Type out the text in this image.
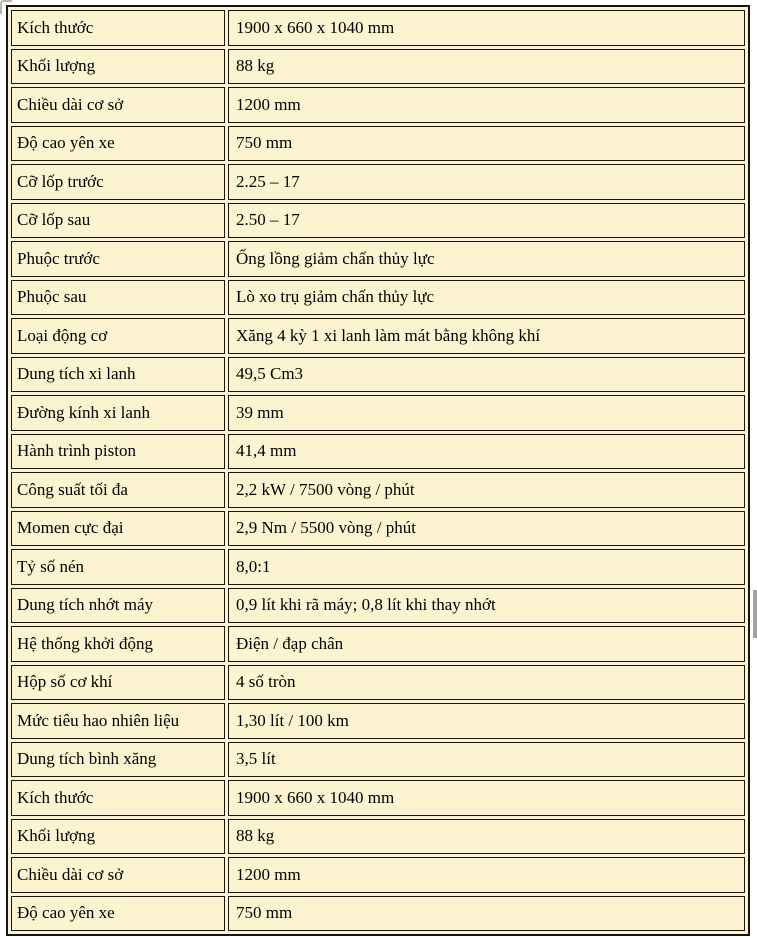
Kích thước	1900 x 660 x 1040 mm
Khối lượng	88 kg
Chiều dài cơ sở	1200 mm
Độ cao yên xe	750 mm
Cỡ lốp trước	2.25 – 17
Cỡ lốp sau	2.50 – 17
Phuộc trước	Ống lồng giảm chấn thủy lực
Phuộc sau	Lò xo trụ giảm chấn thủy lực
Loại động cơ	Xăng 4 kỳ 1 xi lanh làm mát bằng không khí
Dung tích xi lanh	49,5 Cm3
Đường kính xi lanh	39 mm
Hành trình piston	41,4 mm
Công suất tối đa	2,2 kW / 7500 vòng / phút
Momen cực đại	2,9 Nm / 5500 vòng / phút
Tỷ số nén	8,0:1
Dung tích nhớt máy	0,9 lít khi rã máy; 0,8 lít khi thay nhớt
Hệ thống khởi động	Điện / đạp chân
Hộp số cơ khí	4 số tròn
Mức tiêu hao nhiên liệu	1,30 lít / 100 km
Dung tích bình xăng	3,5 lít
Kích thước	1900 x 660 x 1040 mm
Khối lượng	88 kg
Chiều dài cơ sở	1200 mm
Độ cao yên xe	750 mm
